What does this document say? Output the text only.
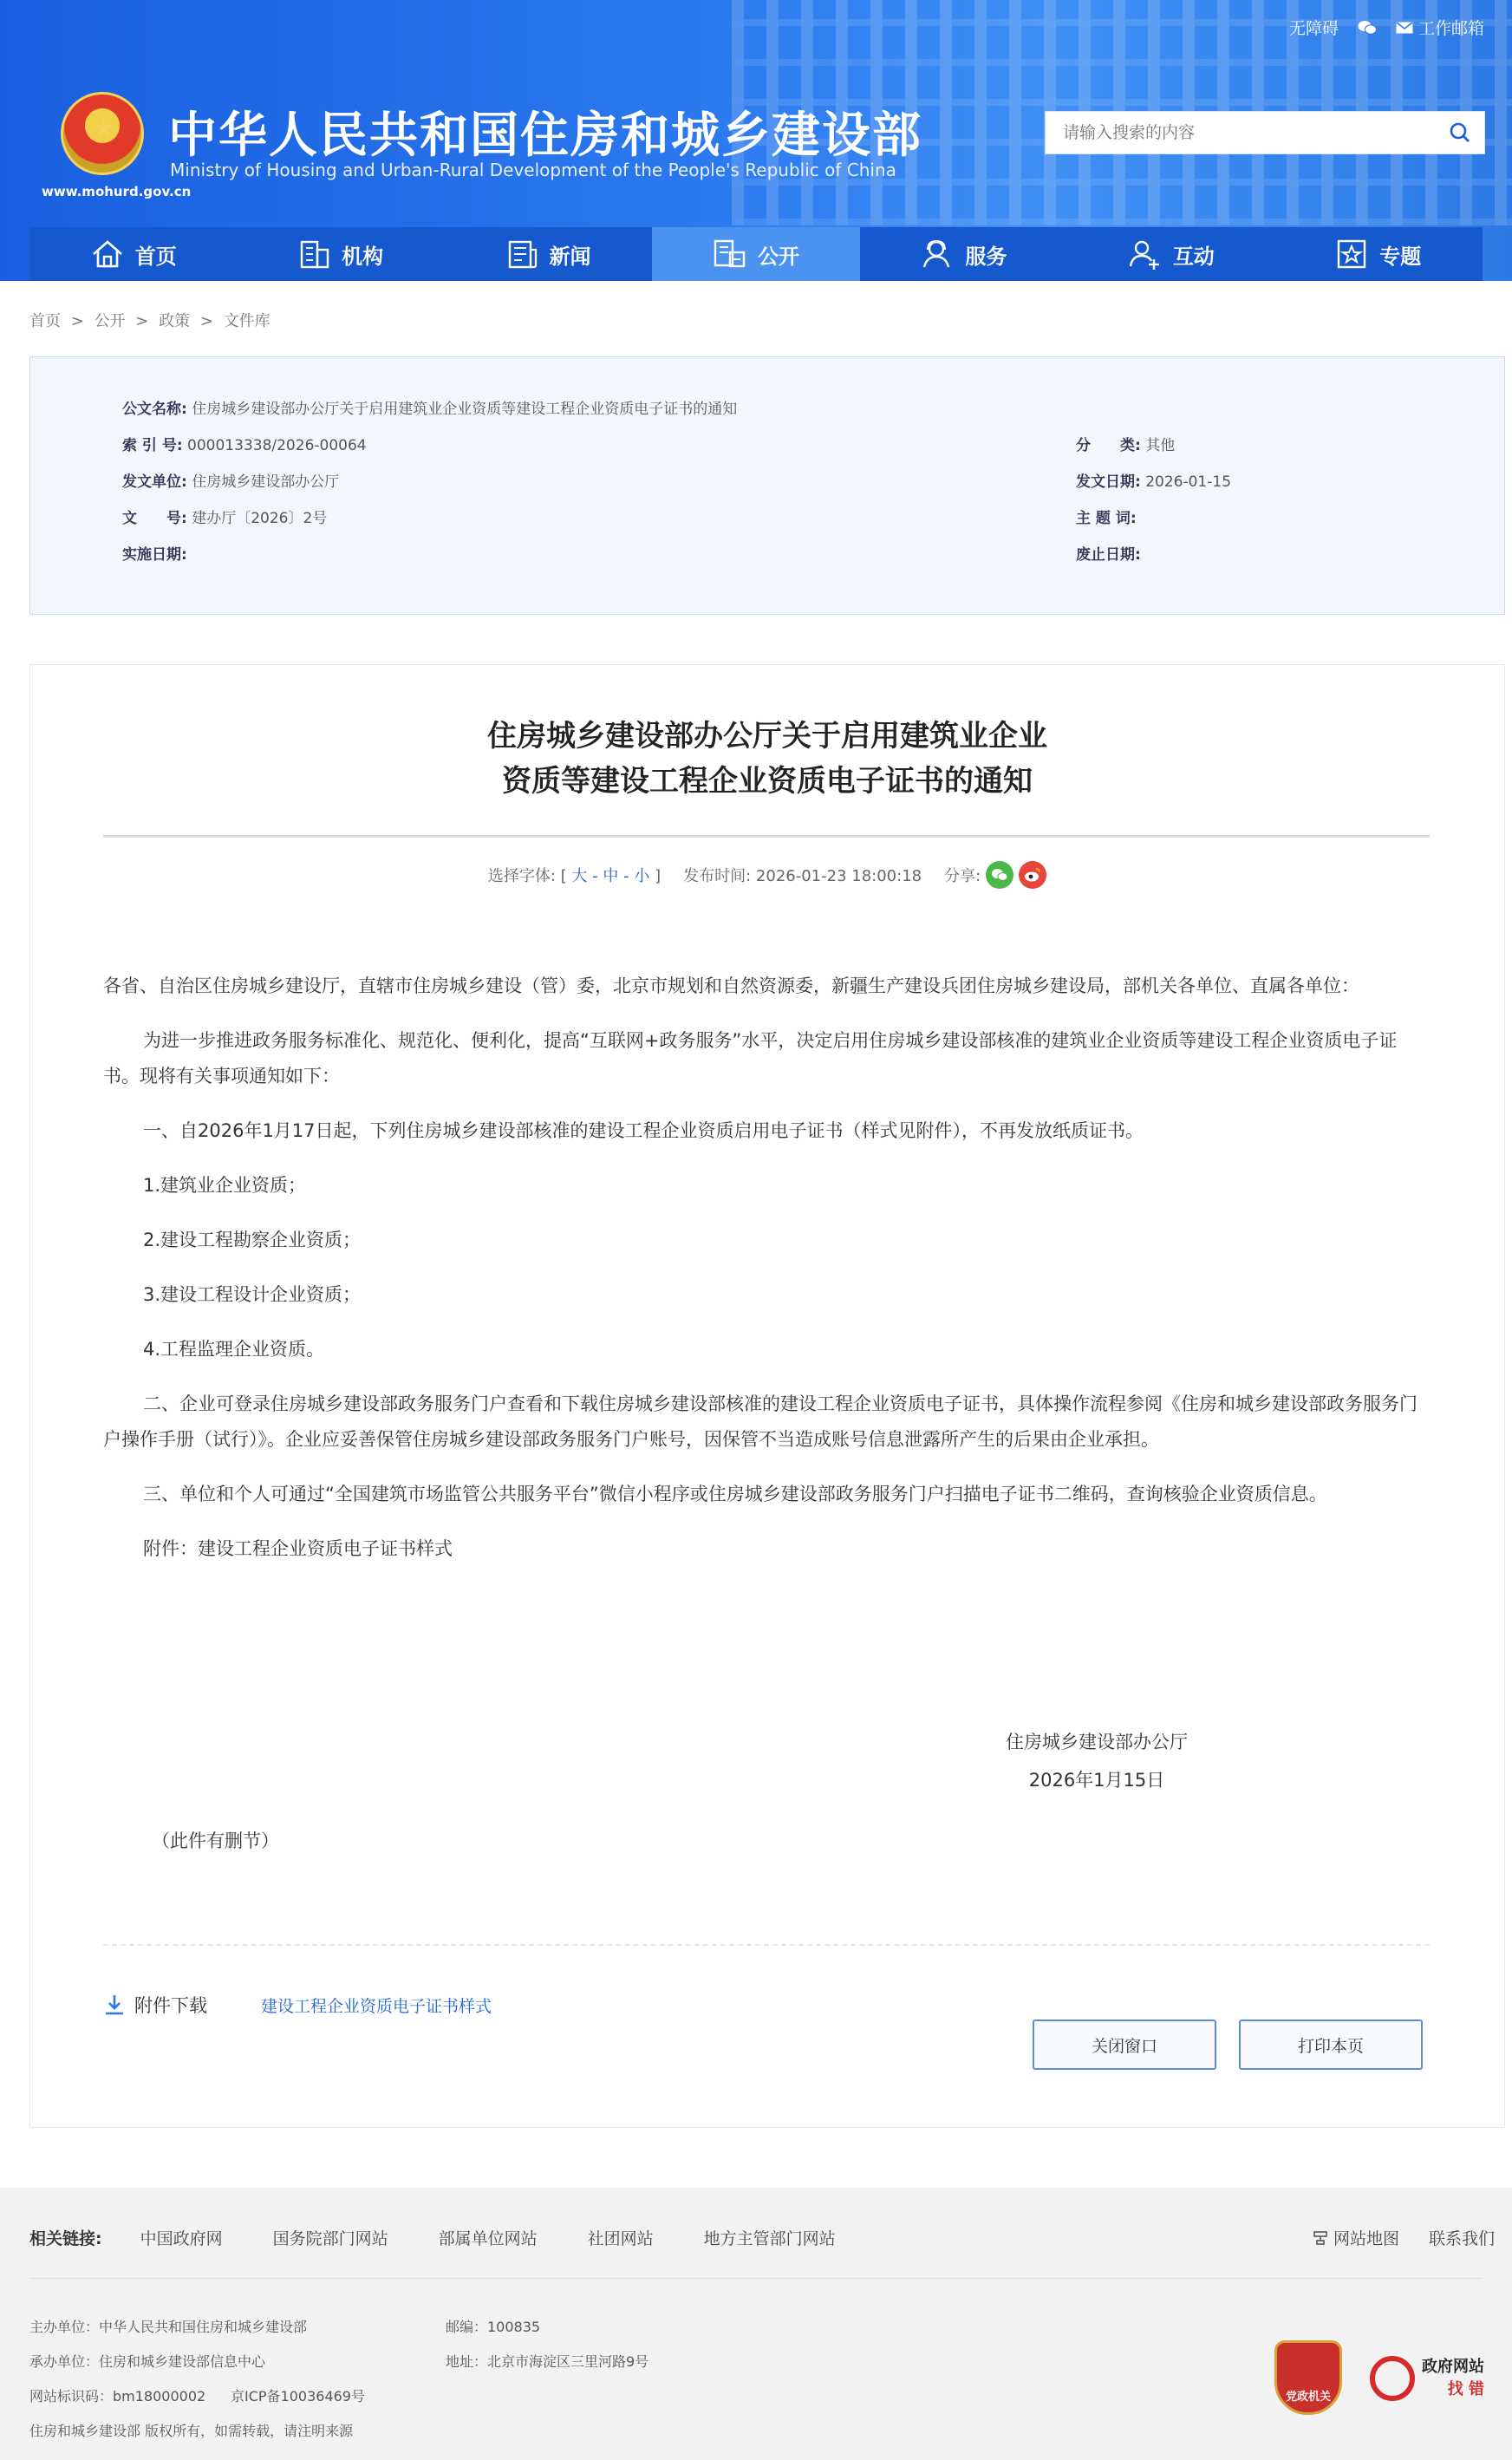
无障碍	工作邮箱
★
www.mohurd.gov.cn
中华人民共和国住房和城乡建设部
Ministry of Housing and Urban-Rural Development of the People's Republic of China
请输入搜索的内容
首页	机构	新闻	公开	服务	互动	专题
首页 > 公开 > 政策 > 文件库
公文名称: 住房城乡建设部办公厅关于启用建筑业企业资质等建设工程企业资质电子证书的通知
索 引 号: 000013338/2026-00064	分　　类: 其他
发文单位: 住房城乡建设部办公厅	发文日期: 2026-01-15
文　　号: 建办厅〔2026〕2号	主 题 词:
实施日期:	废止日期:
住房城乡建设部办公厅关于启用建筑业企业
资质等建设工程企业资质电子证书的通知
选择字体: [ 大 - 中 - 小 ] 发布时间: 2026-01-23 18:00:18 分享:

各省、自治区住房城乡建设厅，直辖市住房城乡建设（管）委，北京市规划和自然资源委，新疆生产建设兵团住房城乡建设局，部机关各单位、直属各单位：

为进一步推进政务服务标准化、规范化、便利化，提高“互联网+政务服务”水平，决定启用住房城乡建设部核准的建筑业企业资质等建设工程企业资质电子证书。现将有关事项通知如下：

一、自2026年1月17日起，下列住房城乡建设部核准的建设工程企业资质启用电子证书（样式见附件），不再发放纸质证书。

1.建筑业企业资质；

2.建设工程勘察企业资质；

3.建设工程设计企业资质；

4.工程监理企业资质。

二、企业可登录住房城乡建设部政务服务门户查看和下载住房城乡建设部核准的建设工程企业资质电子证书，具体操作流程参阅《住房和城乡建设部政务服务门户操作手册（试行）》。企业应妥善保管住房城乡建设部政务服务门户账号，因保管不当造成账号信息泄露所产生的后果由企业承担。

三、单位和个人可通过“全国建筑市场监管公共服务平台”微信小程序或住房城乡建设部政务服务门户扫描电子证书二维码，查询核验企业资质信息。

附件：建设工程企业资质电子证书样式

住房城乡建设部办公厅
2026年1月15日
（此件有删节）
附件下载	建设工程企业资质电子证书样式
关闭窗口	打印本页
相关链接: 中国政府网	国务院部门网站	部属单位网站	社团网站	地方主管部门网站	网站地图 联系我们
主办单位：中华人民共和国住房和城乡建设部
承办单位：住房和城乡建设部信息中心
网站标识码：bm18000002 京ICP备10036469号
住房和城乡建设部 版权所有，如需转载，请注明来源
邮编：100835
地址：北京市海淀区三里河路9号
党政机关
政府网站
找 错
